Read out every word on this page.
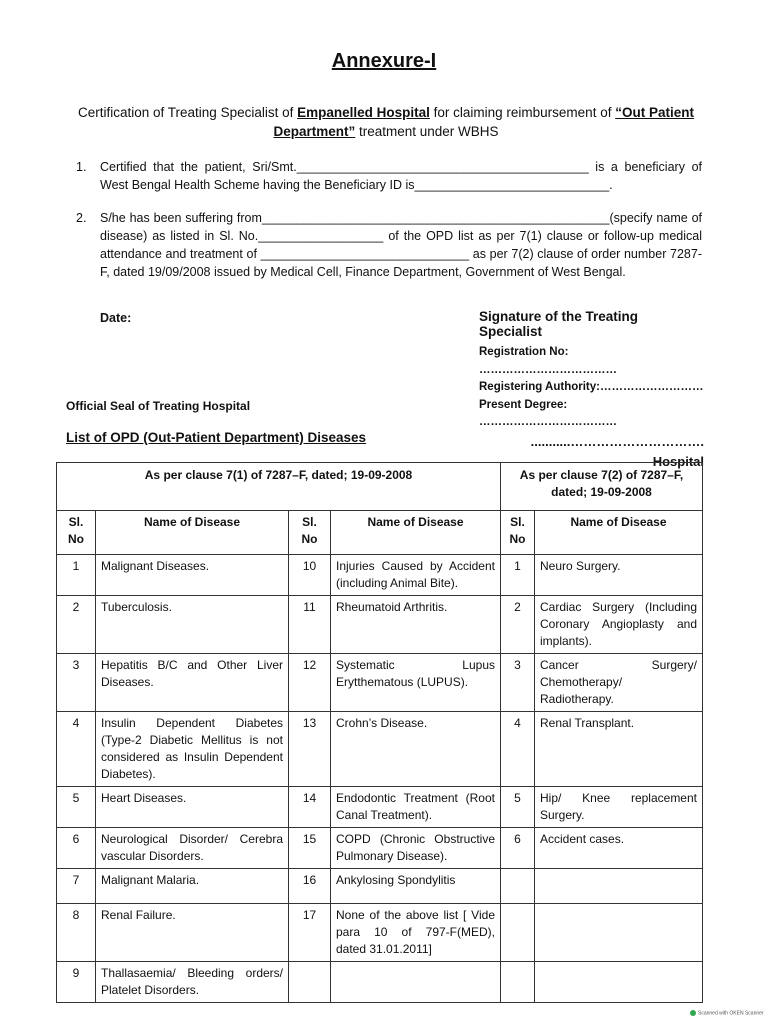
Annexure-I
Certification of Treating Specialist of Empanelled Hospital for claiming reimbursement of “Out Patient Department” treatment under WBHS
1. Certified that the patient, Sri/Smt.__________________________________________ is a beneficiary of West Bengal Health Scheme having the Beneficiary ID is____________________________.
2. S/he has been suffering from__________________________________________________(specify name of disease) as listed in Sl. No.__________________ of the OPD list as per 7(1) clause or follow-up medical attendance and treatment of ______________________________ as per 7(2) clause of order number 7287-F, dated 19/09/2008 issued by Medical Cell, Finance Department, Government of West Bengal.
Date:	Signature of the Treating Specialist
Registration No: ………………………………
Registering Authority:………………………
Present Degree: ………………………………
...........…………………………. Hospital
Official Seal of Treating Hospital
List of OPD (Out-Patient Department) Diseases
As per clause 7(1) of 7287–F, dated; 19-09-2008				As per clause 7(2) of 7287–F, dated; 19-09-2008	
Sl. No	Name of Disease	Sl. No	Name of Disease	Sl. No	Name of Disease
1	Malignant Diseases.	10	Injuries Caused by Accident (including Animal Bite).	1	Neuro Surgery.
2	Tuberculosis.	11	Rheumatoid Arthritis.	2	Cardiac Surgery (Including Coronary Angioplasty and implants).
3	Hepatitis B/C and Other Liver Diseases.	12	Systematic Lupus Erytthematous (LUPUS).	3	Cancer Surgery/ Chemotherapy/ Radiotherapy.
4	Insulin Dependent Diabetes (Type-2 Diabetic Mellitus is not considered as Insulin Dependent Diabetes).	13	Crohn’s Disease.	4	Renal Transplant.
5	Heart Diseases.	14	Endodontic Treatment (Root Canal Treatment).	5	Hip/ Knee replacement Surgery.
6	Neurological Disorder/ Cerebra vascular Disorders.	15	COPD (Chronic Obstructive Pulmonary Disease).	6	Accident cases.
7	Malignant Malaria.	16	Ankylosing Spondylitis		
8	Renal Failure.	17	None of the above list [ Vide para 10 of 797-F(MED), dated 31.01.2011]		
9	Thallasaemia/ Bleeding orders/ Platelet Disorders.				
Scanned with OKEN Scanner
